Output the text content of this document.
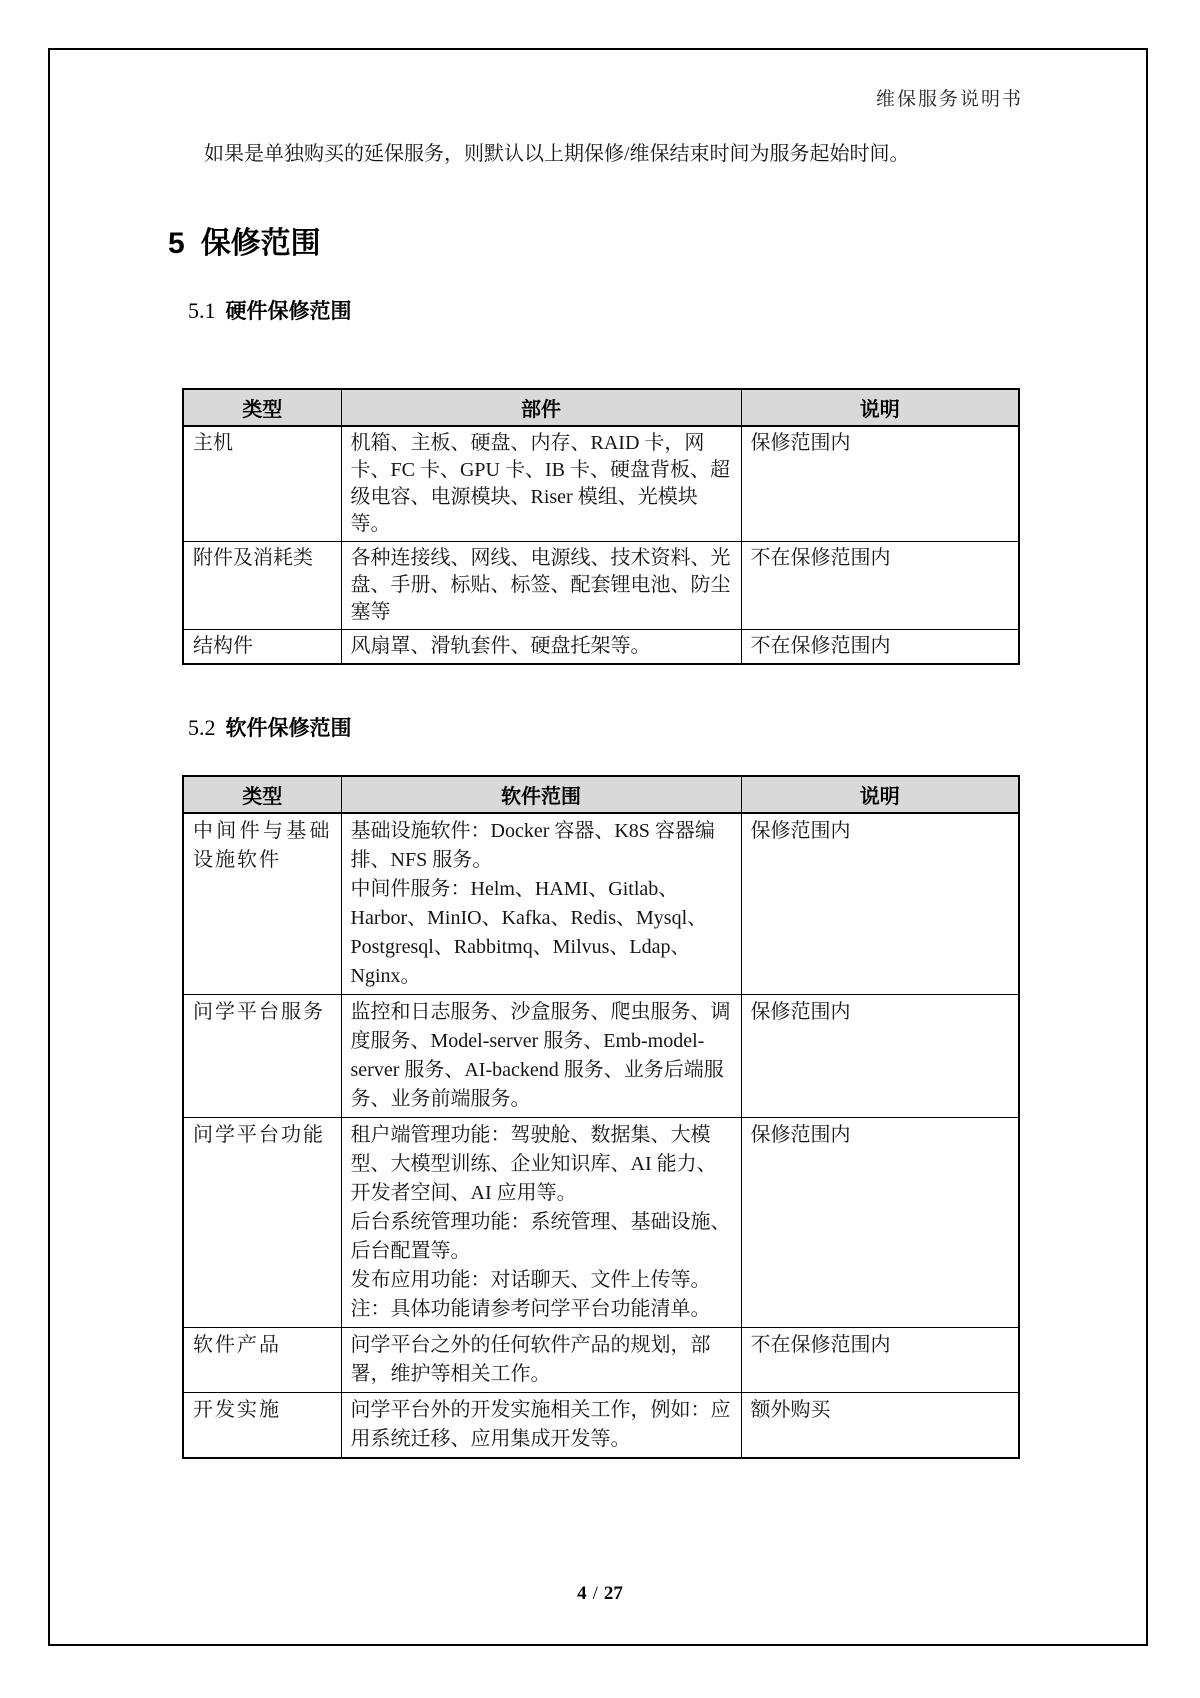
维保服务说明书
如果是单独购买的延保服务，则默认以上期保修/维保结束时间为服务起始时间。
5 保修范围
5.1 硬件保修范围
类型	部件	说明
主机	机箱、主板、硬盘、内存、RAID 卡，网卡、FC 卡、GPU 卡、IB 卡、硬盘背板、超级电容、电源模块、Riser 模组、光模块等。	保修范围内
附件及消耗类	各种连接线、网线、电源线、技术资料、光盘、手册、标贴、标签、配套锂电池、防尘塞等	不在保修范围内
结构件	风扇罩、滑轨套件、硬盘托架等。	不在保修范围内
5.2 软件保修范围
类型	软件范围	说明
中间件与基础设施软件	基础设施软件：Docker 容器、K8S 容器编排、NFS 服务。

中间件服务：Helm、HAMI、Gitlab、Harbor、MinIO、Kafka、Redis、Mysql、Postgresql、Rabbitmq、Milvus、Ldap、Nginx。	保修范围内
问学平台服务	监控和日志服务、沙盒服务、爬虫服务、调度服务、Model-server 服务、Emb-model-server 服务、AI-backend 服务、业务后端服务、业务前端服务。	保修范围内
问学平台功能	租户端管理功能：驾驶舱、数据集、大模型、大模型训练、企业知识库、AI 能力、开发者空间、AI 应用等。

后台系统管理功能：系统管理、基础设施、后台配置等。

发布应用功能：对话聊天、文件上传等。

注：具体功能请参考问学平台功能清单。	保修范围内
软件产品	问学平台之外的任何软件产品的规划，部署，维护等相关工作。	不在保修范围内
开发实施	问学平台外的开发实施相关工作，例如：应用系统迁移、应用集成开发等。	额外购买
4 / 27
